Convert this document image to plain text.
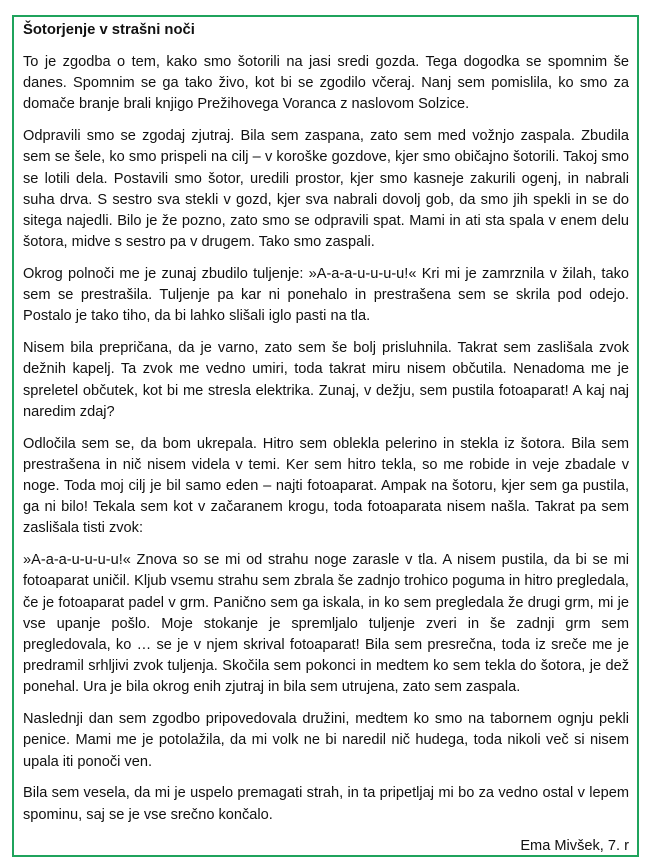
Šotorjenje v strašni noči

To je zgodba o tem, kako smo šotorili na jasi sredi gozda. Tega dogodka se spomnim še danes. Spomnim se ga tako živo, kot bi se zgodilo včeraj. Nanj sem pomislila, ko smo za domače branje brali knjigo Prežihovega Voranca z naslovom Solzice.

Odpravili smo se zgodaj zjutraj. Bila sem zaspana, zato sem med vožnjo zaspala. Zbudila sem se šele, ko smo prispeli na cilj – v koroške gozdove, kjer smo običajno šotorili. Takoj smo se lotili dela. Postavili smo šotor, uredili prostor, kjer smo kasneje zakurili ogenj, in nabrali suha drva. S sestro sva stekli v gozd, kjer sva nabrali dovolj gob, da smo jih spekli in se do sitega najedli. Bilo je že pozno, zato smo se odpravili spat. Mami in ati sta spala v enem delu šotora, midve s sestro pa v drugem. Tako smo zaspali.

Okrog polnoči me je zunaj zbudilo tuljenje: »A-a-a-u-u-u-u!« Kri mi je zamrznila v žilah, tako sem se prestrašila. Tuljenje pa kar ni ponehalo in prestrašena sem se skrila pod odejo. Postalo je tako tiho, da bi lahko slišali iglo pasti na tla.

Nisem bila prepričana, da je varno, zato sem še bolj prisluhnila. Takrat sem zaslišala zvok dežnih kapelj. Ta zvok me vedno umiri, toda takrat miru nisem občutila. Nenadoma me je spreletel občutek, kot bi me stresla elektrika. Zunaj, v dežju, sem pustila fotoaparat! A kaj naj naredim zdaj?

Odločila sem se, da bom ukrepala. Hitro sem oblekla pelerino in stekla iz šotora. Bila sem prestrašena in nič nisem videla v temi. Ker sem hitro tekla, so me robide in veje zbadale v noge. Toda moj cilj je bil samo eden – najti fotoaparat. Ampak na šotoru, kjer sem ga pustila, ga ni bilo! Tekala sem kot v začaranem krogu, toda fotoaparata nisem našla. Takrat pa sem zaslišala tisti zvok:

»A-a-a-u-u-u-u!« Znova so se mi od strahu noge zarasle v tla. A nisem pustila, da bi se mi fotoaparat uničil. Kljub vsemu strahu sem zbrala še zadnjo trohico poguma in hitro pregledala, če je fotoaparat padel v grm. Panično sem ga iskala, in ko sem pregledala že drugi grm, mi je vse upanje pošlo. Moje stokanje je spremljalo tuljenje zveri in še zadnji grm sem pregledovala, ko … se je v njem skrival fotoaparat! Bila sem presrečna, toda iz sreče me je predramil srhljivi zvok tuljenja. Skočila sem pokonci in medtem ko sem tekla do šotora, je dež ponehal. Ura je bila okrog enih zjutraj in bila sem utrujena, zato sem zaspala.

Naslednji dan sem zgodbo pripovedovala družini, medtem ko smo na tabornem ognju pekli penice. Mami me je potolažila, da mi volk ne bi naredil nič hudega, toda nikoli več si nisem upala iti ponoči ven.

Bila sem vesela, da mi je uspelo premagati strah, in ta pripetljaj mi bo za vedno ostal v lepem spominu, saj se je vse srečno končalo.

Ema Mivšek, 7. r
